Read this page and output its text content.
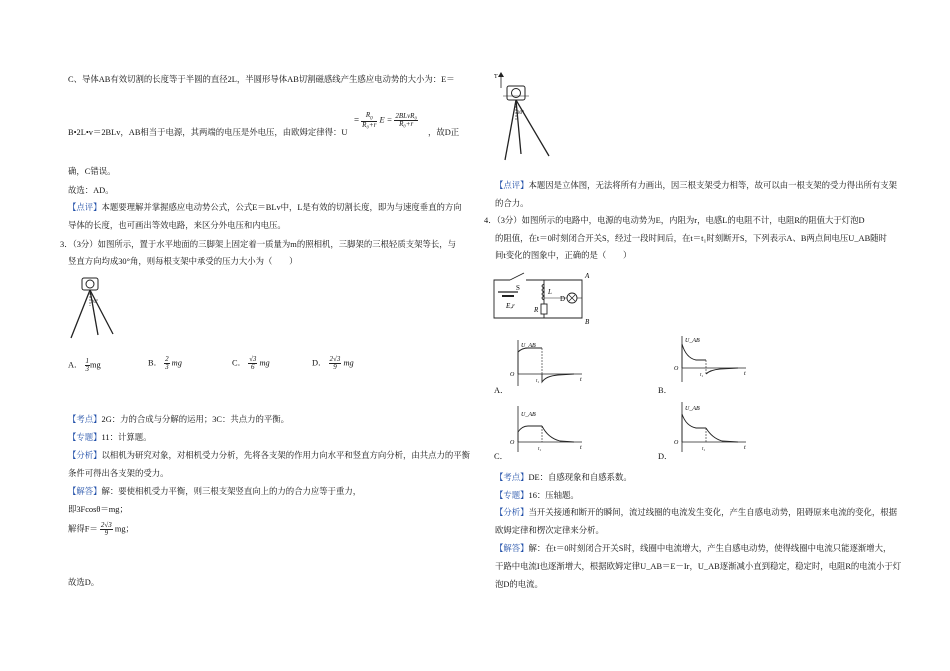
C、导体AB有效切割的长度等于半圆的直径2L，半圆形导体AB切割磁感线产生感应电动势的大小为：E＝
B•2L•v＝2BLv，AB相当于电源，其两端的电压是外电压，由欧姆定律得：U
= $\frac{R_0}{\text{R₀+r}}$ $E = \frac{\text{2BLvR₀}}{\text{R₀+r}}$
，故D正
确，C错误。
故选：AD。
【点评】本题要理解并掌握感应电动势公式，公式E＝BLv中，L是有效的切割长度，即为与速度垂直的方向
导体的长度，也可画出等效电路，来区分外电压和内电压。
3．（3分）如图所示，置于水平地面的三脚架上固定着一质量为m的照相机，三脚架的三根轻质支架等长，与
竖直方向均成30°角，则每根支架中承受的压力大小为（　　）
30°
A． $\frac{1}{3}$ mg	B． $\frac{2}{3}$ mg	C． $\frac{√3}{6}$ mg	D． $\frac{2√3}{9}$ mg
【考点】2G：力的合成与分解的运用；3C：共点力的平衡。
【专题】11：计算题。
【分析】以相机为研究对象，对相机受力分析，先将各支架的作用力向水平和竖直方向分析，由共点力的平衡
条件可得出各支架的受力。
【解答】解：要使相机受力平衡，则三根支架竖直向上的力的合力应等于重力，
即3Fcosθ＝mg；
解得$F= \frac{2√3}{9}$ mg；
故选D。
T
30°
【点评】本题因是立体图，无法将所有力画出，因三根支架受力相等，故可以由一根支架的受力得出所有支架
的合力。
4．（3分）如图所示的电路中，电源的电动势为E，内阻为r，电感L的电阻不计，电阻R的阻值大于灯泡D
的阻值，在t＝0时刻闭合开关S，经过一段时间后，在t＝t₁时刻断开S，下列表示A、B两点间电压U_AB随时
间t变化的图象中，正确的是（　　）
S
E,r
L
R
D
A
B
U_AB
O
t
t₁
A．
U_AB
O
t
t₁
B．
U_AB
O
t
t₁
C．
U_AB
O
t
t₁
D．
【考点】DE：自感现象和自感系数。
【专题】16：压轴题。
【分析】当开关接通和断开的瞬间，流过线圈的电流发生变化，产生自感电动势，阻碍原来电流的变化，根据
欧姆定律和楞次定律来分析。
【解答】解：在t＝0时刻闭合开关S时，线圈中电流增大，产生自感电动势，使得线圈中电流只能逐渐增大，
干路中电流I也逐渐增大，根据欧姆定律U_AB＝E－Ir，U_AB逐渐减小直到稳定，稳定时，电阻R的电流小于灯
泡D的电流。
